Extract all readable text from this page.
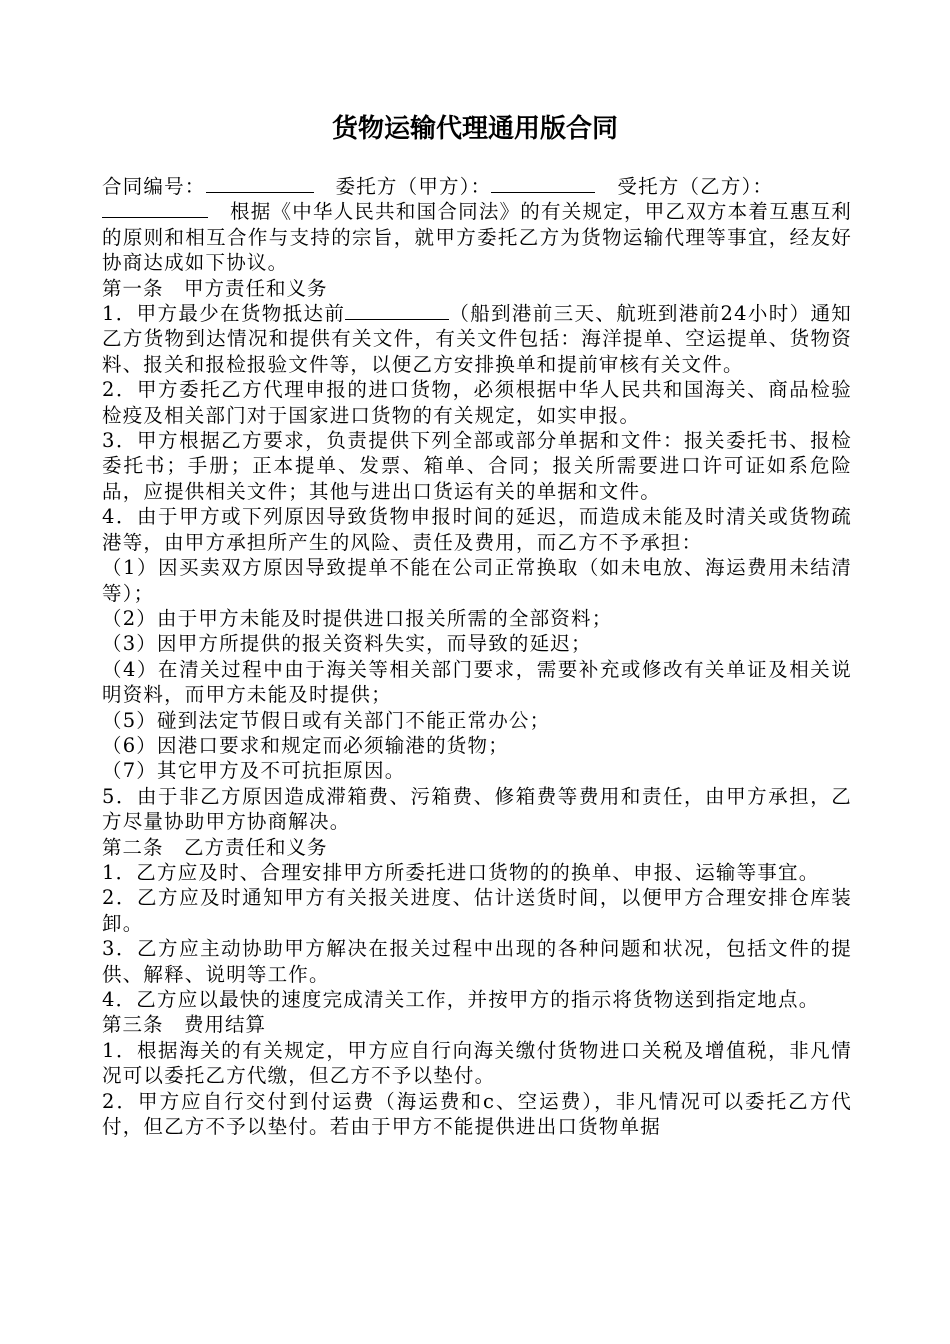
货物运输代理通用版合同

合同编号：	委托方（甲方）：	受托方（乙方）：
根据《中华人民共和国合同法》的有关规定，甲乙双方本着互惠互利的原则和相互合作与支持的宗旨，就甲方委托乙方为货物运输代理等事宜，经友好协商达成如下协议。

第一条　甲方责任和义务

1．甲方最少在货物抵达前	（船到港前三天、航班到港前24小时）通知乙方货物到达情况和提供有关文件，有关文件包括：海洋提单、空运提单、货物资料、报关和报检报验文件等，以便乙方安排换单和提前审核有关文件。

2．甲方委托乙方代理申报的进口货物，必须根据中华人民共和国海关、商品检验检疫及相关部门对于国家进口货物的有关规定，如实申报。

3．甲方根据乙方要求，负责提供下列全部或部分单据和文件：报关委托书、报检委托书；手册；正本提单、发票、箱单、合同；报关所需要进口许可证如系危险品，应提供相关文件；其他与进出口货运有关的单据和文件。

4．由于甲方或下列原因导致货物申报时间的延迟，而造成未能及时清关或货物疏港等，由甲方承担所产生的风险、责任及费用，而乙方不予承担：

（1）因买卖双方原因导致提单不能在公司正常换取（如未电放、海运费用未结清等）；

（2）由于甲方未能及时提供进口报关所需的全部资料；

（3）因甲方所提供的报关资料失实，而导致的延迟；

（4）在清关过程中由于海关等相关部门要求，需要补充或修改有关单证及相关说明资料，而甲方未能及时提供；

（5）碰到法定节假日或有关部门不能正常办公；

（6）因港口要求和规定而必须输港的货物；

（7）其它甲方及不可抗拒原因。

5．由于非乙方原因造成滞箱费、污箱费、修箱费等费用和责任，由甲方承担，乙方尽量协助甲方协商解决。

第二条　乙方责任和义务

1．乙方应及时、合理安排甲方所委托进口货物的的换单、申报、运输等事宜。

2．乙方应及时通知甲方有关报关进度、估计送货时间，以便甲方合理安排仓库装卸。

3．乙方应主动协助甲方解决在报关过程中出现的各种问题和状况，包括文件的提供、解释、说明等工作。

4．乙方应以最快的速度完成清关工作，并按甲方的指示将货物送到指定地点。

第三条　费用结算

1．根据海关的有关规定，甲方应自行向海关缴付货物进口关税及增值税，非凡情况可以委托乙方代缴，但乙方不予以垫付。

2．甲方应自行交付到付运费（海运费和c、空运费），非凡情况可以委托乙方代付，但乙方不予以垫付。若由于甲方不能提供进出口货物单据
